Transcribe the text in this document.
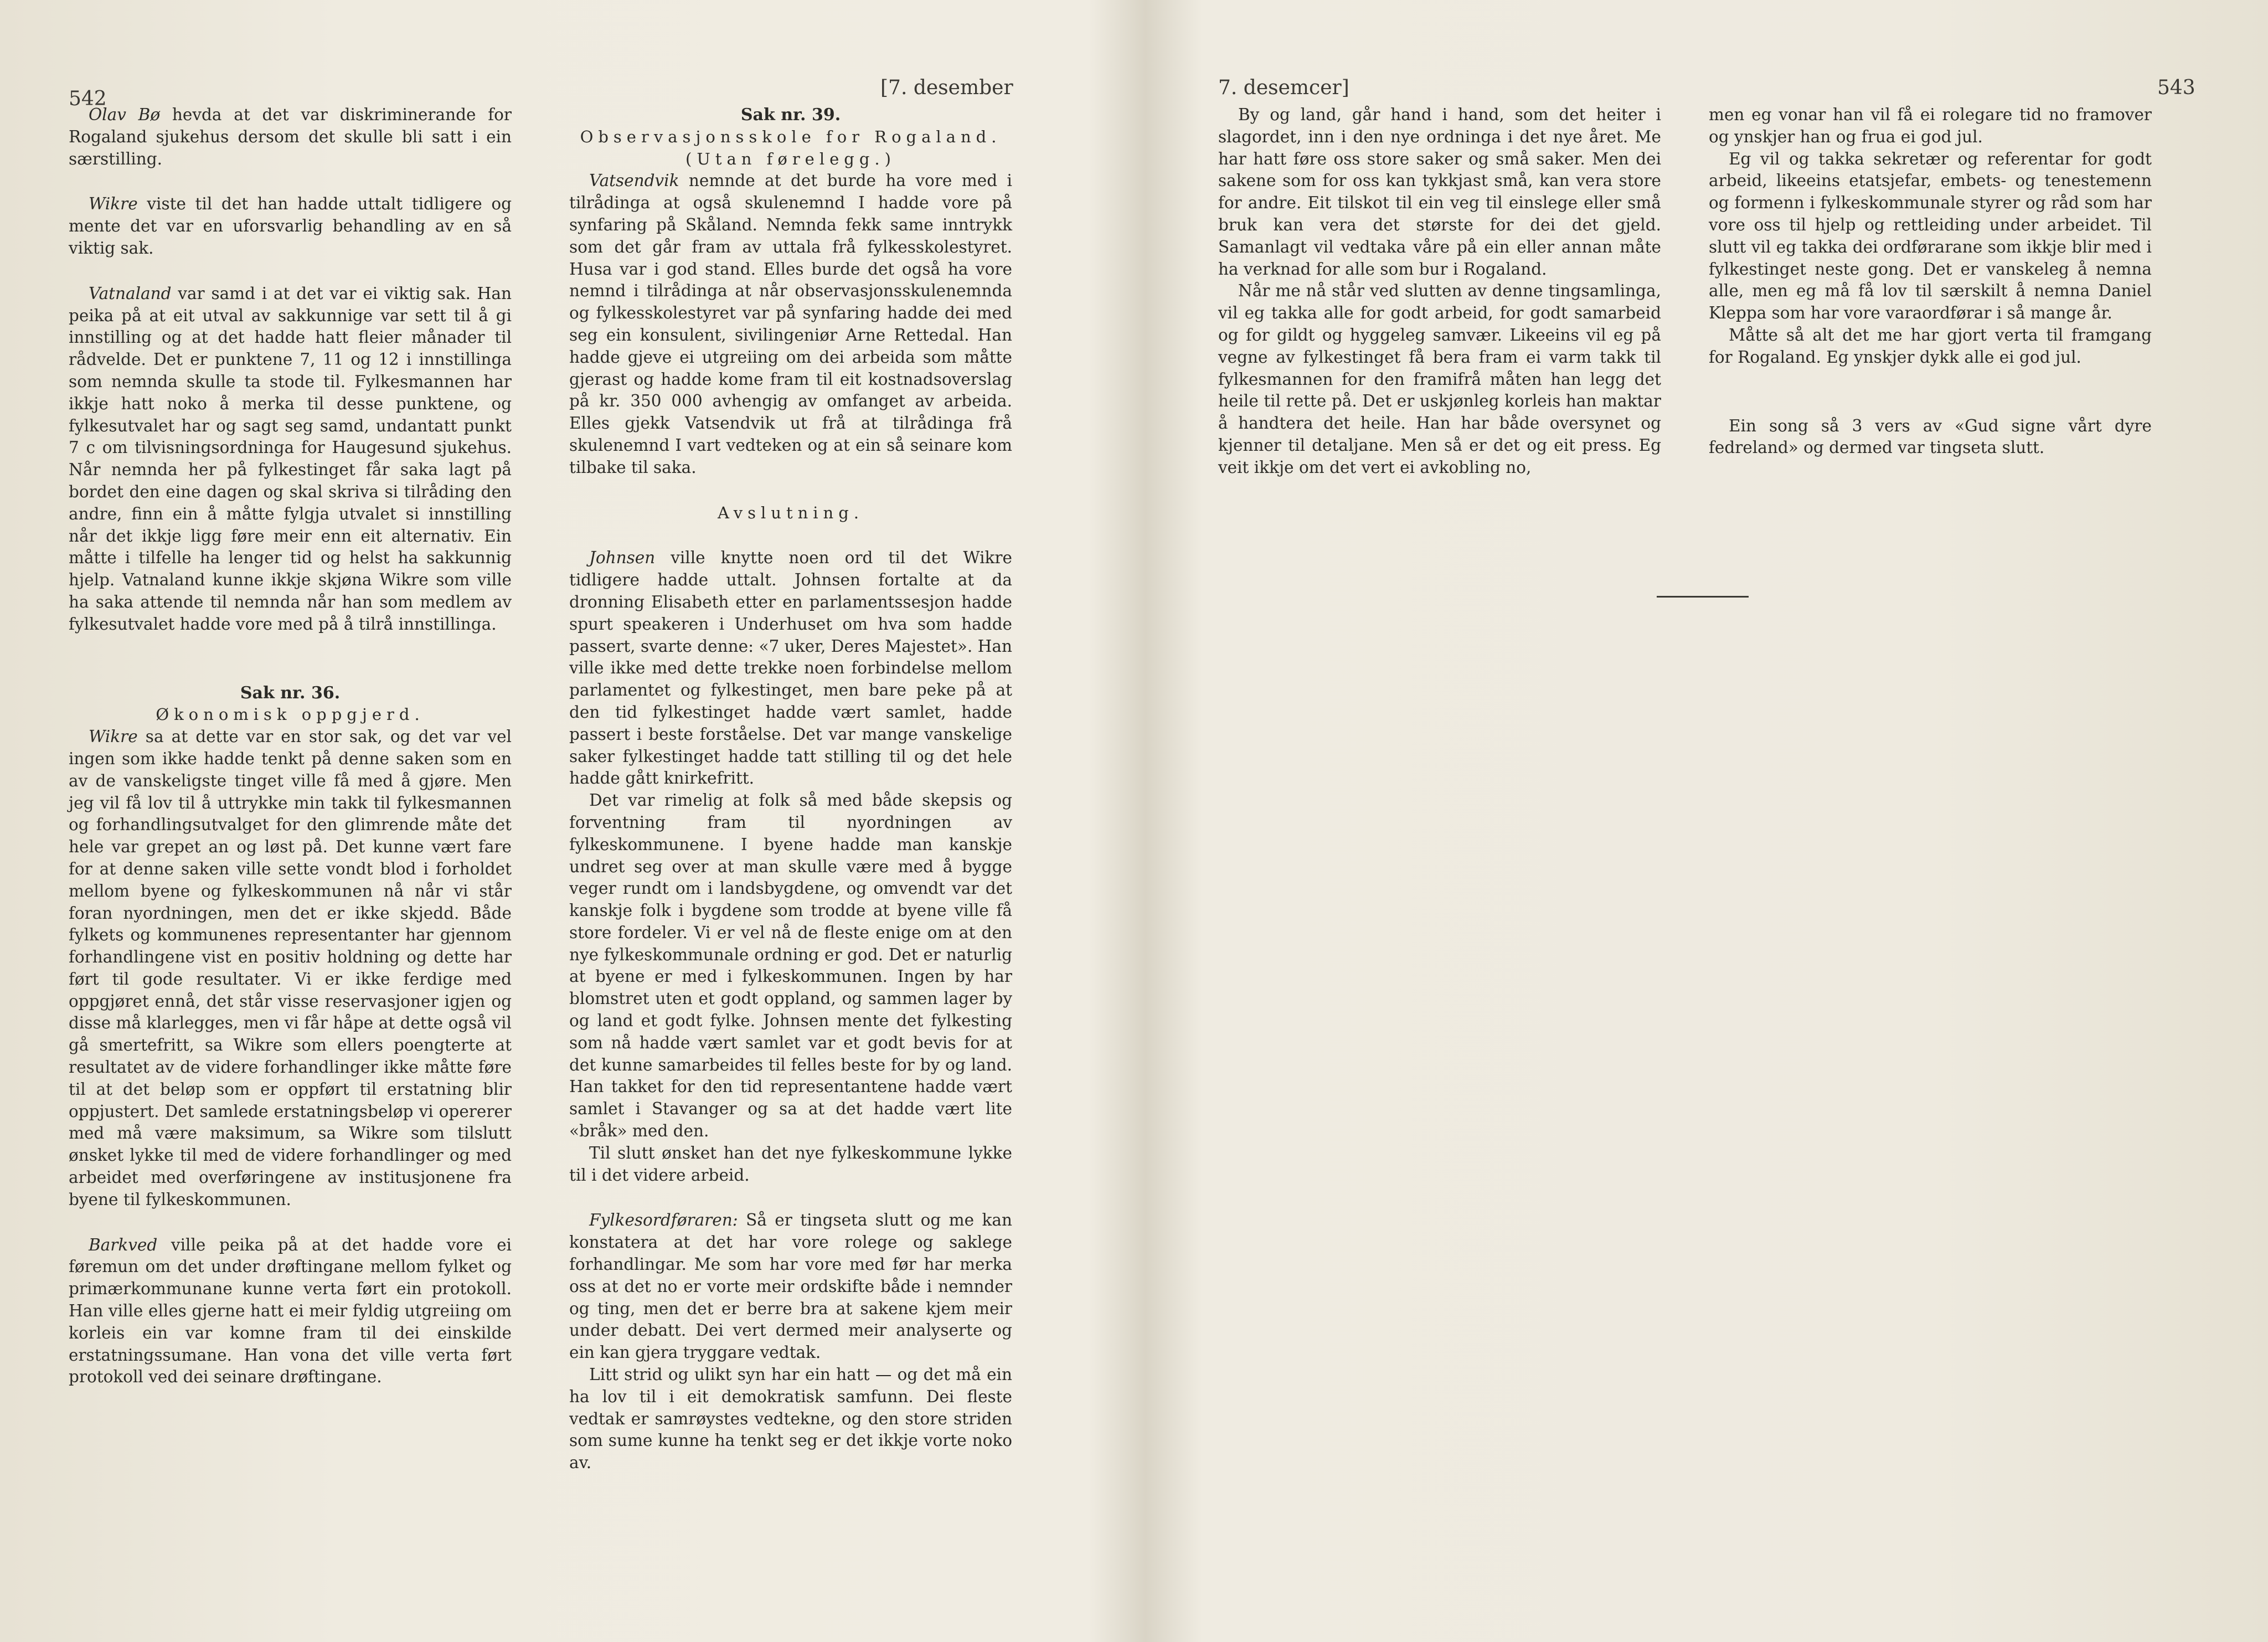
542	[7. desember

Olav Bø hevda at det var diskriminerande for Rogaland sjukehus dersom det skulle bli satt i ein særstilling.

Wikre viste til det han hadde uttalt tidligere og mente det var en uforsvarlig behandling av en så viktig sak.

Vatnaland var samd i at det var ei viktig sak. Han peika på at eit utval av sakkunnige var sett til å gi innstilling og at det hadde hatt fleier månader til rådvelde. Det er punktene 7, 11 og 12 i innstillinga som nemnda skulle ta stode til. Fylkesmannen har ikkje hatt noko å merka til desse punktene, og fylkesutvalet har og sagt seg samd, undantatt punkt 7 c om tilvisningsordninga for Haugesund sjukehus. Når nemnda her på fylkestinget får saka lagt på bordet den eine dagen og skal skriva si tilråding den andre, finn ein å måtte fylgja utvalet si innstilling når det ikkje ligg føre meir enn eit alternativ. Ein måtte i tilfelle ha lenger tid og helst ha sakkunnig hjelp. Vatnaland kunne ikkje skjøna Wikre som ville ha saka attende til nemnda når han som medlem av fylkesutvalet hadde vore med på å tilrå innstillinga.

Sak nr. 36.

Økonomisk oppgjerd.

Wikre sa at dette var en stor sak, og det var vel ingen som ikke hadde tenkt på denne saken som en av de vanskeligste tinget ville få med å gjøre. Men jeg vil få lov til å uttrykke min takk til fylkesmannen og forhandlingsutvalget for den glimrende måte det hele var grepet an og løst på. Det kunne vært fare for at denne saken ville sette vondt blod i forholdet mellom byene og fylkeskommunen nå når vi står foran nyordningen, men det er ikke skjedd. Både fylkets og kommunenes representanter har gjennom forhandlingene vist en positiv holdning og dette har ført til gode resultater. Vi er ikke ferdige med oppgjøret ennå, det står visse reservasjoner igjen og disse må klarlegges, men vi får håpe at dette også vil gå smertefritt, sa Wikre som ellers poengterte at resultatet av de videre forhandlinger ikke måtte føre til at det beløp som er oppført til erstatning blir oppjustert. Det samlede erstatningsbeløp vi opererer med må være maksimum, sa Wikre som tilslutt ønsket lykke til med de videre forhandlinger og med arbeidet med overføringene av institusjonene fra byene til fylkeskommunen.

Barkved ville peika på at det hadde vore ei føremun om det under drøftingane mellom fylket og primærkommunane kunne verta ført ein protokoll. Han ville elles gjerne hatt ei meir fyldig utgreiing om korleis ein var komne fram til dei einskilde erstatningssumane. Han vona det ville verta ført protokoll ved dei seinare drøftingane.

Sak nr. 39.

Observasjonsskole for Rogaland.

(Utan førelegg.)

Vatsendvik nemnde at det burde ha vore med i tilrådinga at også skulenemnd I hadde vore på synfaring på Skåland. Nemnda fekk same inntrykk som det går fram av uttala frå fylkesskolestyret. Husa var i god stand. Elles burde det også ha vore nemnd i tilrådinga at når observasjonsskulenemnda og fylkesskolestyret var på synfaring hadde dei med seg ein konsulent, sivilingeniør Arne Rettedal. Han hadde gjeve ei utgreiing om dei arbeida som måtte gjerast og hadde kome fram til eit kostnadsoverslag på kr. 350 000 avhengig av omfanget av arbeida. Elles gjekk Vatsendvik ut frå at tilrådinga frå skulenemnd I vart vedteken og at ein så seinare kom tilbake til saka.

Avslutning.

Johnsen ville knytte noen ord til det Wikre tidligere hadde uttalt. Johnsen fortalte at da dronning Elisabeth etter en parlamentssesjon hadde spurt speakeren i Underhuset om hva som hadde passert, svarte denne: «7 uker, Deres Majestet». Han ville ikke med dette trekke noen forbindelse mellom parlamentet og fylkestinget, men bare peke på at den tid fylkestinget hadde vært samlet, hadde passert i beste forståelse. Det var mange vanskelige saker fylkestinget hadde tatt stilling til og det hele hadde gått knirkefritt.

Det var rimelig at folk så med både skepsis og forventning fram til nyordningen av fylkeskommunene. I byene hadde man kanskje undret seg over at man skulle være med å bygge veger rundt om i landsbygdene, og omvendt var det kanskje folk i bygdene som trodde at byene ville få store fordeler. Vi er vel nå de fleste enige om at den nye fylkeskommunale ordning er god. Det er naturlig at byene er med i fylkeskommunen. Ingen by har blomstret uten et godt oppland, og sammen lager by og land et godt fylke. Johnsen mente det fylkesting som nå hadde vært samlet var et godt bevis for at det kunne samarbeides til felles beste for by og land. Han takket for den tid representantene hadde vært samlet i Stavanger og sa at det hadde vært lite «bråk» med den.

Til slutt ønsket han det nye fylkeskommune lykke til i det videre arbeid.

Fylkesordføraren: Så er tingseta slutt og me kan konstatera at det har vore rolege og saklege forhandlingar. Me som har vore med før har merka oss at det no er vorte meir ordskifte både i nemnder og ting, men det er berre bra at sakene kjem meir under debatt. Dei vert dermed meir analyserte og ein kan gjera tryggare vedtak.

Litt strid og ulikt syn har ein hatt — og det må ein ha lov til i eit demokratisk samfunn. Dei fleste vedtak er samrøystes vedtekne, og den store striden som sume kunne ha tenkt seg er det ikkje vorte noko av.

7. desemcer]	543

By og land, går hand i hand, som det heiter i slagordet, inn i den nye ordninga i det nye året. Me har hatt føre oss store saker og små saker. Men dei sakene som for oss kan tykkjast små, kan vera store for andre. Eit tilskot til ein veg til einslege eller små bruk kan vera det største for dei det gjeld. Samanlagt vil vedtaka våre på ein eller annan måte ha verknad for alle som bur i Rogaland.

Når me nå står ved slutten av denne tingsamlinga, vil eg takka alle for godt arbeid, for godt samarbeid og for gildt og hyggeleg samvær. Likeeins vil eg på vegne av fylkestinget få bera fram ei varm takk til fylkesmannen for den framifrå måten han legg det heile til rette på. Det er uskjønleg korleis han maktar å handtera det heile. Han har både oversynet og kjenner til detaljane. Men så er det og eit press. Eg veit ikkje om det vert ei avkobling no,

men eg vonar han vil få ei rolegare tid no framover og ynskjer han og frua ei god jul.

Eg vil og takka sekretær og referentar for godt arbeid, likeeins etatsjefar, embets- og tenestemenn og formenn i fylkeskommunale styrer og råd som har vore oss til hjelp og rettleiding under arbeidet. Til slutt vil eg takka dei ordførarane som ikkje blir med i fylkestinget neste gong. Det er vanskeleg å nemna alle, men eg må få lov til særskilt å nemna Daniel Kleppa som har vore varaordførar i så mange år.

Måtte så alt det me har gjort verta til framgang for Rogaland. Eg ynskjer dykk alle ei god jul.

Ein song så 3 vers av «Gud signe vårt dyre fedreland» og dermed var tingseta slutt.
